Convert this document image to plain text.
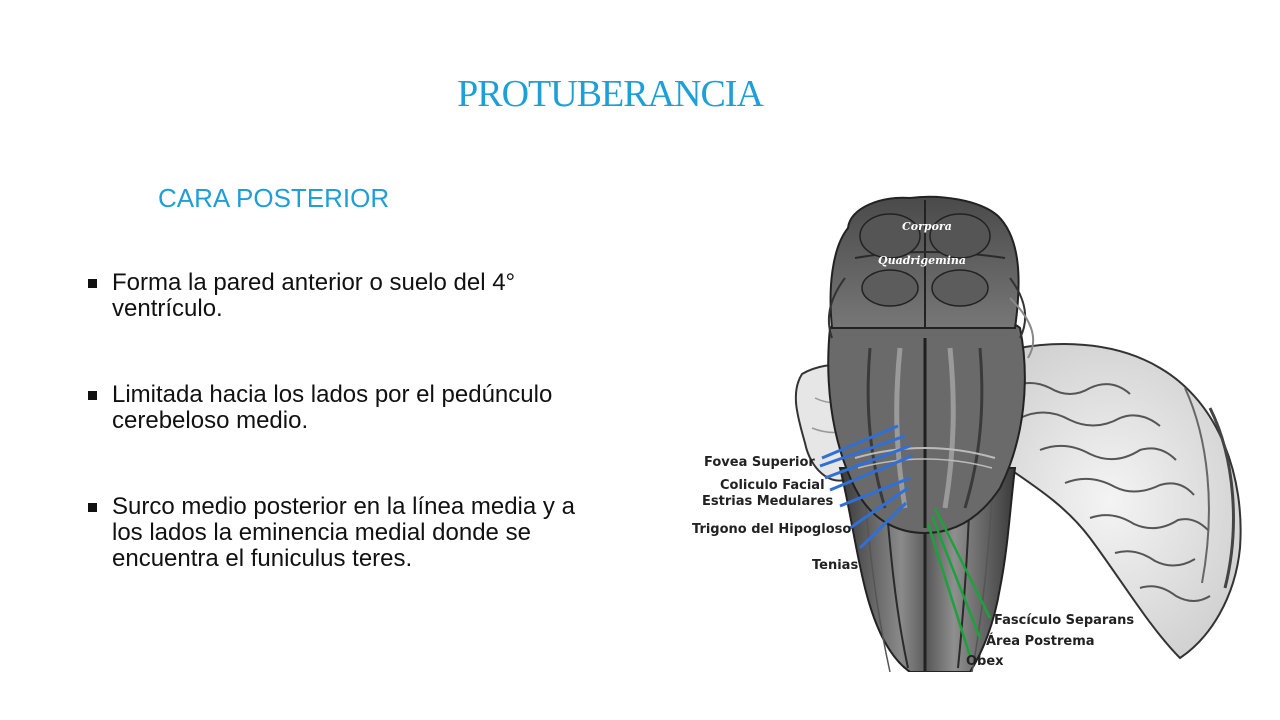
PROTUBERANCIA
CARA POSTERIOR
Forma la pared anterior o suelo del 4° ventrículo.
Limitada hacia los lados por el pedúnculo cerebeloso medio.
Surco medio posterior en la línea media y a los lados la eminencia medial donde se encuentra el funiculus teres.
Corpora
Quadrigemina
Fovea Superior
Coliculo Facial
Estrias Medulares
Trigono del Hipogloso
Tenias
Fascículo Separans
Área Postrema
Obex
